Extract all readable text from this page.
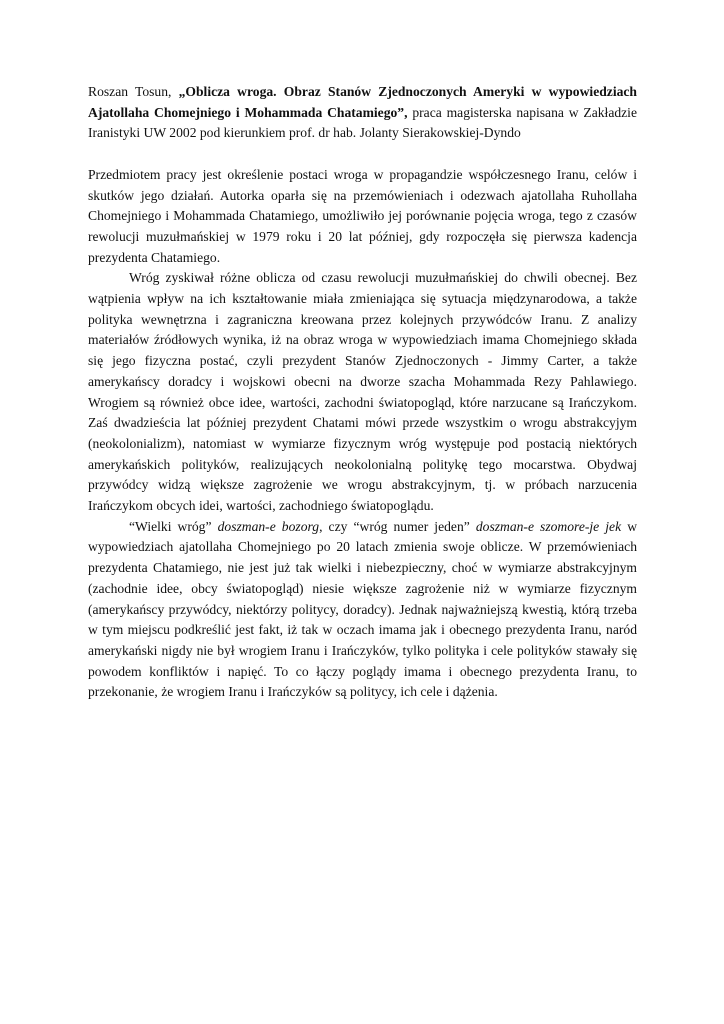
Roszan Tosun, „Oblicza wroga. Obraz Stanów Zjednoczonych Ameryki w wypowiedziach Ajatollaha Chomejniego i Mohammada Chatamiego”, praca magisterska napisana w Zakładzie Iranistyki UW 2002 pod kierunkiem prof. dr hab. Jolanty Sierakowskiej-Dyndo

Przedmiotem pracy jest określenie postaci wroga w propagandzie współczesnego Iranu, celów i skutków jego działań. Autorka oparła się na przemówieniach i odezwach ajatollaha Ruhollaha Chomejniego i Mohammada Chatamiego, umożliwiło jej porównanie pojęcia wroga, tego z czasów rewolucji muzułmańskiej w 1979 roku i 20 lat później, gdy rozpoczęła się pierwsza kadencja prezydenta Chatamiego.

Wróg zyskiwał różne oblicza od czasu rewolucji muzułmańskiej do chwili obecnej. Bez wątpienia wpływ na ich kształtowanie miała zmieniająca się sytuacja międzynarodowa, a także polityka wewnętrzna i zagraniczna kreowana przez kolejnych przywódców Iranu. Z analizy materiałów źródłowych wynika, iż na obraz wroga w wypowiedziach imama Chomejniego składa się jego fizyczna postać, czyli prezydent Stanów Zjednoczonych - Jimmy Carter, a także amerykańscy doradcy i wojskowi obecni na dworze szacha Mohammada Rezy Pahlawiego. Wrogiem są również obce idee, wartości, zachodni światopogląd, które narzucane są Irańczykom. Zaś dwadzieścia lat później prezydent Chatami mówi przede wszystkim o wrogu abstrakcyjym (neokolonializm), natomiast w wymiarze fizycznym wróg występuje pod postacią niektórych amerykańskich polityków, realizujących neokolonialną politykę tego mocarstwa. Obydwaj przywódcy widzą większe zagrożenie we wrogu abstrakcyjnym, tj. w próbach narzucenia Irańczykom obcych idei, wartości, zachodniego światopoglądu.

“Wielki wróg” doszman-e bozorg, czy “wróg numer jeden” doszman-e szomore-je jek w wypowiedziach ajatollaha Chomejniego po 20 latach zmienia swoje oblicze. W przemówieniach prezydenta Chatamiego, nie jest już tak wielki i niebezpieczny, choć w wymiarze abstrakcyjnym (zachodnie idee, obcy światopogląd) niesie większe zagrożenie niż w wymiarze fizycznym (amerykańscy przywódcy, niektórzy politycy, doradcy). Jednak najważniejszą kwestią, którą trzeba w tym miejscu podkreślić jest fakt, iż tak w oczach imama jak i obecnego prezydenta Iranu, naród amerykański nigdy nie był wrogiem Iranu i Irańczyków, tylko polityka i cele polityków stawały się powodem konfliktów i napięć. To co łączy poglądy imama i obecnego prezydenta Iranu, to przekonanie, że wrogiem Iranu i Irańczyków są politycy, ich cele i dążenia.
